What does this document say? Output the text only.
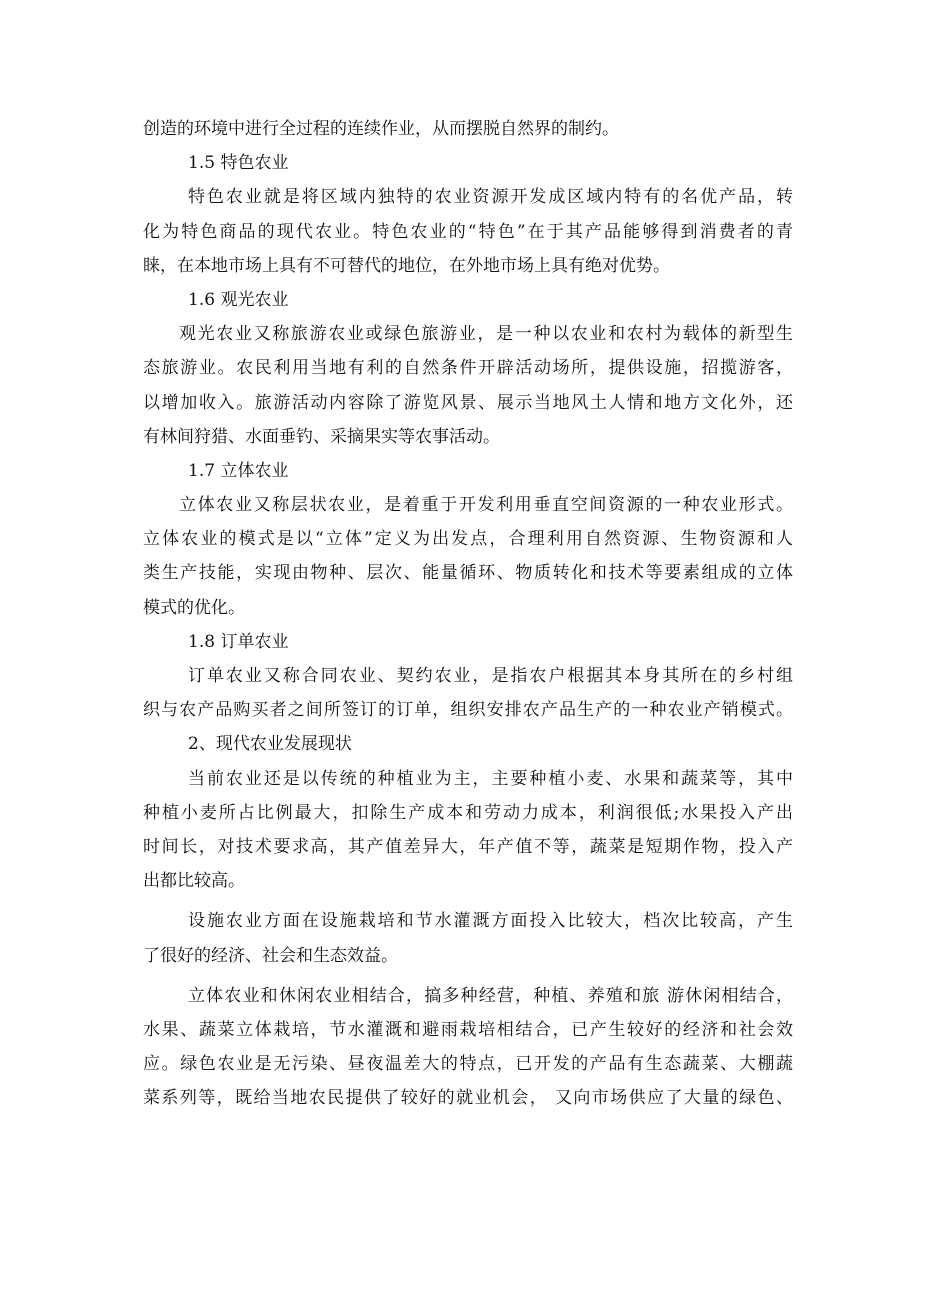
创造的环境中进行全过程的连续作业，从而摆脱自然界的制约。
1.5 特色农业
特色农业就是将区域内独特的农业资源开发成区域内特有的名优产品，转
化为特色商品的现代农业。特色农业的“特色”在于其产品能够得到消费者的青
睐，在本地市场上具有不可替代的地位，在外地市场上具有绝对优势。
1.6 观光农业
观光农业又称旅游农业或绿色旅游业，是一种以农业和农村为载体的新型生
态旅游业。农民利用当地有利的自然条件开辟活动场所，提供设施，招揽游客，
以增加收入。旅游活动内容除了游览风景、展示当地风土人情和地方文化外，还
有林间狩猎、水面垂钓、采摘果实等农事活动。
1.7 立体农业
立体农业又称层状农业，是着重于开发利用垂直空间资源的一种农业形式。
立体农业的模式是以“立体”定义为出发点，合理利用自然资源、生物资源和人
类生产技能，实现由物种、层次、能量循环、物质转化和技术等要素组成的立体
模式的优化。
1.8 订单农业
订单农业又称合同农业、契约农业，是指农户根据其本身其所在的乡村组
织与农产品购买者之间所签订的订单，组织安排农产品生产的一种农业产销模式。
2、现代农业发展现状
当前农业还是以传统的种植业为主，主要种植小麦、水果和蔬菜等，其中
种植小麦所占比例最大，扣除生产成本和劳动力成本，利润很低;水果投入产出
时间长，对技术要求高，其产值差异大，年产值不等，蔬菜是短期作物，投入产
出都比较高。
设施农业方面在设施栽培和节水灌溉方面投入比较大，档次比较高，产生
了很好的经济、社会和生态效益。
立体农业和休闲农业相结合，搞多种经营，种植、养殖和旅 游休闲相结合，
水果、蔬菜立体栽培，节水灌溉和避雨栽培相结合，已产生较好的经济和社会效
应。绿色农业是无污染、昼夜温差大的特点，已开发的产品有生态蔬菜、大棚蔬
菜系列等，既给当地农民提供了较好的就业机会， 又向市场供应了大量的绿色、
